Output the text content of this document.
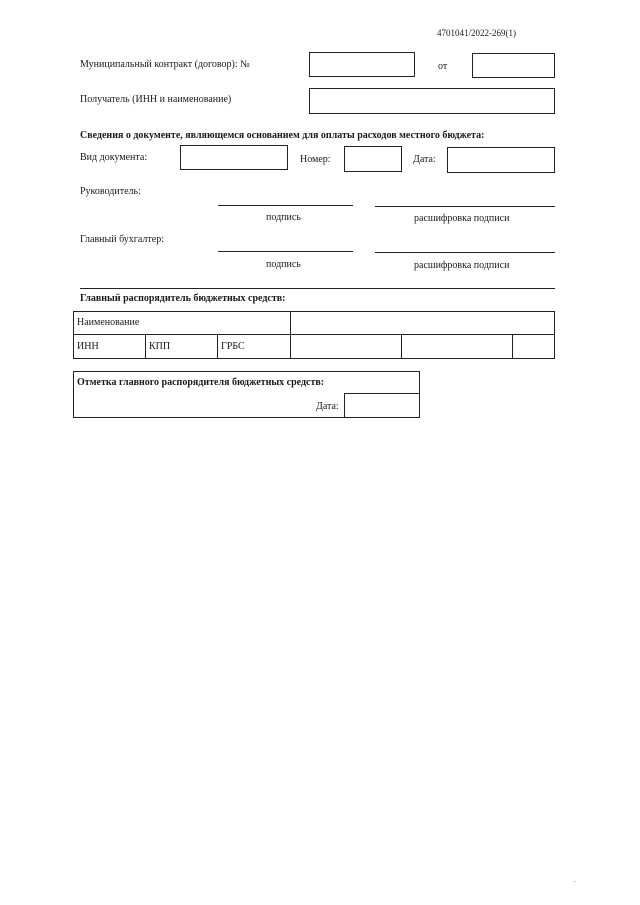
4701041/2022-269(1)
Муниципальный контракт (договор): №	от
Получатель (ИНН и наименование)
Сведения о документе, являющемся основанием для оплаты расходов местного бюджета:
Вид документа:	Номер:	Дата:
Руководитель:
подпись	расшифровка подписи
Главный бухгалтер:
подпись	расшифровка подписи
Главный распорядитель бюджетных средств:
Наименование
ИНН	КПП	ГРБС
Отметка главного распорядителя бюджетных средств:
Дата:
.
